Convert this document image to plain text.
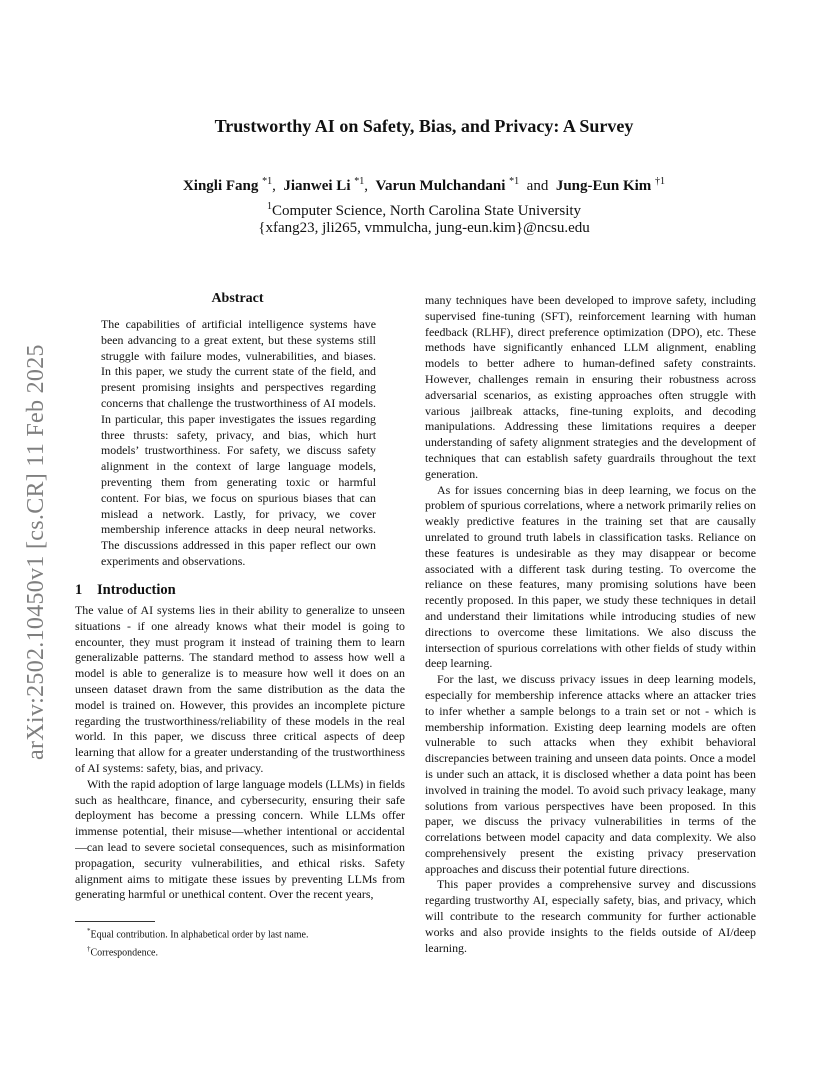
arXiv:2502.10450v1 [cs.CR] 11 Feb 2025
Trustworthy AI on Safety, Bias, and Privacy: A Survey
Xingli Fang $^{*1}$,  Jianwei Li $^{*1}$,  Varun Mulchandani $^{*1}$ and Jung-Eun Kim $^{\dagger 1}$
$^1$Computer Science, North Carolina State University
{xfang23, jli265, vmmulcha, jung-eun.kim}@ncsu.edu
Abstract

The capabilities of artificial intelligence systems have been advancing to a great extent, but these systems still struggle with failure modes, vulnerabilities, and biases. In this paper, we study the current state of the field, and present promising insights and perspectives regarding concerns that challenge the trustworthiness of AI models. In particular, this paper investigates the issues regarding three thrusts: safety, privacy, and bias, which hurt models’ trustworthiness. For safety, we discuss safety alignment in the context of large language models, preventing them from generating toxic or harmful content. For bias, we focus on spurious biases that can mislead a network. Lastly, for privacy, we cover membership inference attacks in deep neural networks. The discussions addressed in this paper reflect our own experiments and observations.

1 Introduction

The value of AI systems lies in their ability to generalize to unseen situations - if one already knows what their model is going to encounter, they must program it instead of training them to learn generalizable patterns. The standard method to assess how well a model is able to generalize is to measure how well it does on an unseen dataset drawn from the same distribution as the data the model is trained on. However, this provides an incomplete picture regarding the trustworthiness/reliability of these models in the real world. In this paper, we discuss three critical aspects of deep learning that allow for a greater understanding of the trustworthiness of AI systems: safety, bias, and privacy.

With the rapid adoption of large language models (LLMs) in fields such as healthcare, finance, and cybersecurity, ensuring their safe deployment has become a pressing concern. While LLMs offer immense potential, their misuse—whether intentional or accidental—can lead to severe societal consequences, such as misinformation propagation, security vulnerabilities, and ethical risks. Safety alignment aims to mitigate these issues by preventing LLMs from generating harmful or unethical content. Over the recent years,

many techniques have been developed to improve safety, including supervised fine-tuning (SFT), reinforcement learning with human feedback (RLHF), direct preference optimization (DPO), etc. These methods have significantly enhanced LLM alignment, enabling models to better adhere to human-defined safety constraints. However, challenges remain in ensuring their robustness across adversarial scenarios, as existing approaches often struggle with various jailbreak attacks, fine-tuning exploits, and decoding manipulations. Addressing these limitations requires a deeper understanding of safety alignment strategies and the development of techniques that can establish safety guardrails throughout the text generation.

As for issues concerning bias in deep learning, we focus on the problem of spurious correlations, where a network primarily relies on weakly predictive features in the training set that are causally unrelated to ground truth labels in classification tasks. Reliance on these features is undesirable as they may disappear or become associated with a different task during testing. To overcome the reliance on these features, many promising solutions have been recently proposed. In this paper, we study these techniques in detail and understand their limitations while introducing studies of new directions to overcome these limitations. We also discuss the intersection of spurious correlations with other fields of study within deep learning.

For the last, we discuss privacy issues in deep learning models, especially for membership inference attacks where an attacker tries to infer whether a sample belongs to a train set or not - which is membership information. Existing deep learning models are often vulnerable to such attacks when they exhibit behavioral discrepancies between training and unseen data points. Once a model is under such an attack, it is disclosed whether a data point has been involved in training the model. To avoid such privacy leakage, many solutions from various perspectives have been proposed. In this paper, we discuss the privacy vulnerabilities in terms of the correlations between model capacity and data complexity. We also comprehensively present the existing privacy preservation approaches and discuss their potential future directions.

This paper provides a comprehensive survey and discussions regarding trustworthy AI, especially safety, bias, and privacy, which will contribute to the research community for further actionable works and also provide insights to the fields outside of AI/deep learning.

*Equal contribution. In alphabetical order by last name.
†Correspondence.
